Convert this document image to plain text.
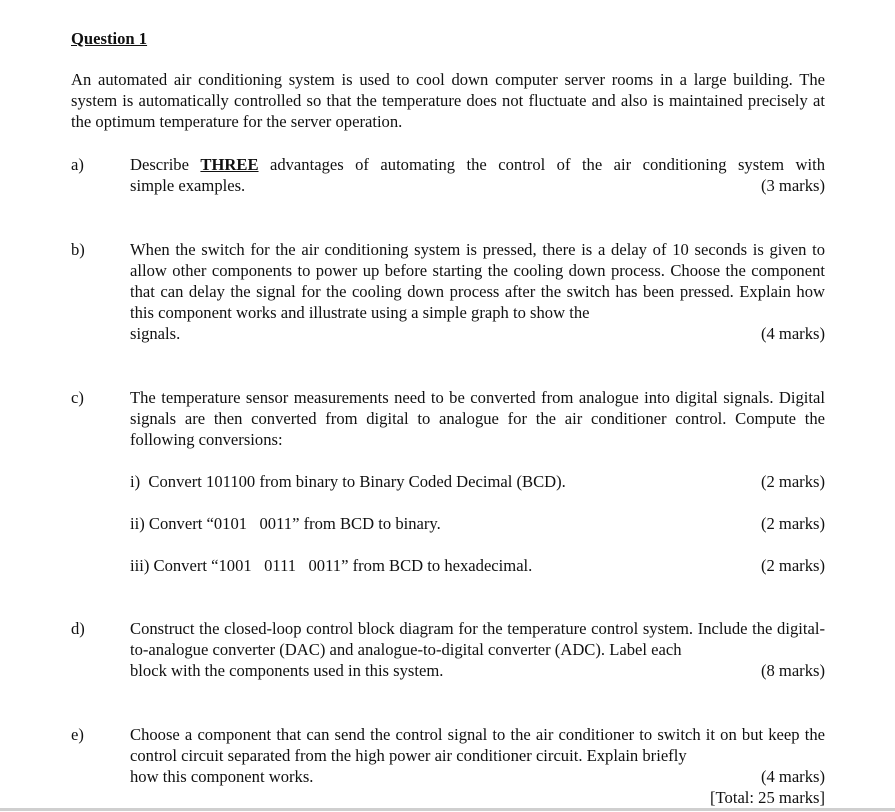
Question 1

An automated air conditioning system is used to cool down computer server rooms in a large building. The system is automatically controlled so that the temperature does not fluctuate and also is maintained precisely at the optimum temperature for the server operation.

a)	Describe THREE advantages of automating the control of the air conditioning system with
simple examples.	(3 marks)
b)	When the switch for the air conditioning system is pressed, there is a delay of 10 seconds is given to allow other components to power up before starting the cooling down process. Choose the component that can delay the signal for the cooling down process after the switch has been pressed. Explain how this component works and illustrate using a simple graph to show the
signals.	(4 marks)
c)	The temperature sensor measurements need to be converted from analogue into digital signals. Digital signals are then converted from digital to analogue for the air conditioner control. Compute the following conversions:
i)  Convert 101100 from binary to Binary Coded Decimal (BCD).	(2 marks)
ii) Convert “0101   0011” from BCD to binary.	(2 marks)
iii) Convert “1001   0111   0011” from BCD to hexadecimal.	(2 marks)
d)	Construct the closed-loop control block diagram for the temperature control system. Include the digital-to-analogue converter (DAC) and analogue-to-digital converter (ADC). Label each
block with the components used in this system.	(8 marks)
e)	Choose a component that can send the control signal to the air conditioner to switch it on but keep the control circuit separated from the high power air conditioner circuit. Explain briefly
how this component works.	(4 marks)
[Total: 25 marks]
